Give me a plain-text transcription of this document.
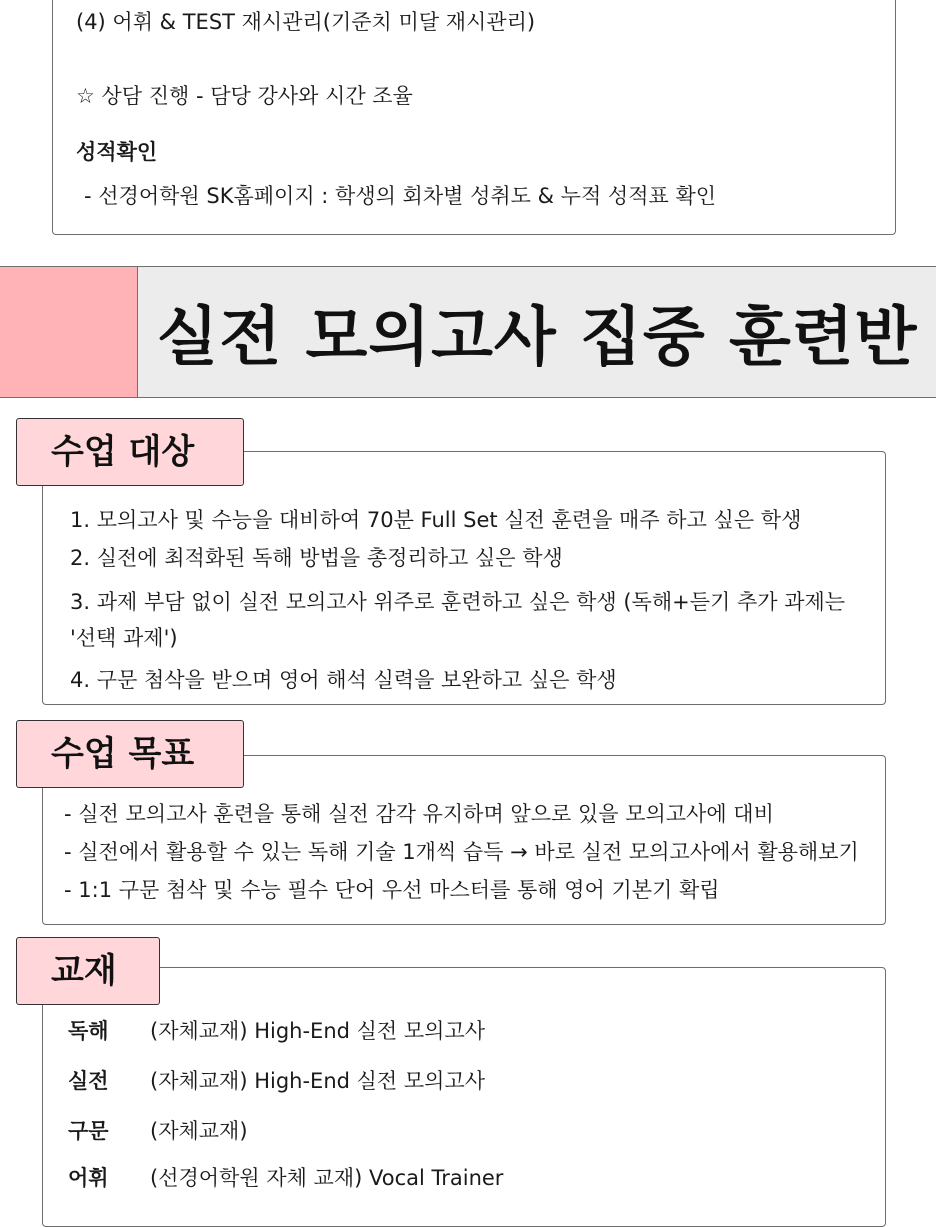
(4) 어휘 & TEST 재시관리(기준치 미달 재시관리)
☆ 상담 진행 - 담당 강사와 시간 조율
성적확인
- 선경어학원 SK홈페이지 : 학생의 회차별 성취도 & 누적 성적표 확인
실전 모의고사 집중 훈련반
수업 대상
1. 모의고사 및 수능을 대비하여 70분 Full Set 실전 훈련을 매주 하고 싶은 학생
2. 실전에 최적화된 독해 방법을 총정리하고 싶은 학생
3. 과제 부담 없이 실전 모의고사 위주로 훈련하고 싶은 학생 (독해+듣기 추가 과제는
'선택 과제')
4. 구문 첨삭을 받으며 영어 해석 실력을 보완하고 싶은 학생
수업 목표
- 실전 모의고사 훈련을 통해 실전 감각 유지하며 앞으로 있을 모의고사에 대비
- 실전에서 활용할 수 있는 독해 기술 1개씩 습득 → 바로 실전 모의고사에서 활용해보기
- 1:1 구문 첨삭 및 수능 필수 단어 우선 마스터를 통해 영어 기본기 확립
교재
독해 (자체교재) High-End 실전 모의고사
실전 (자체교재) High-End 실전 모의고사
구문 (자체교재)
어휘 (선경어학원 자체 교재) Vocal Trainer
